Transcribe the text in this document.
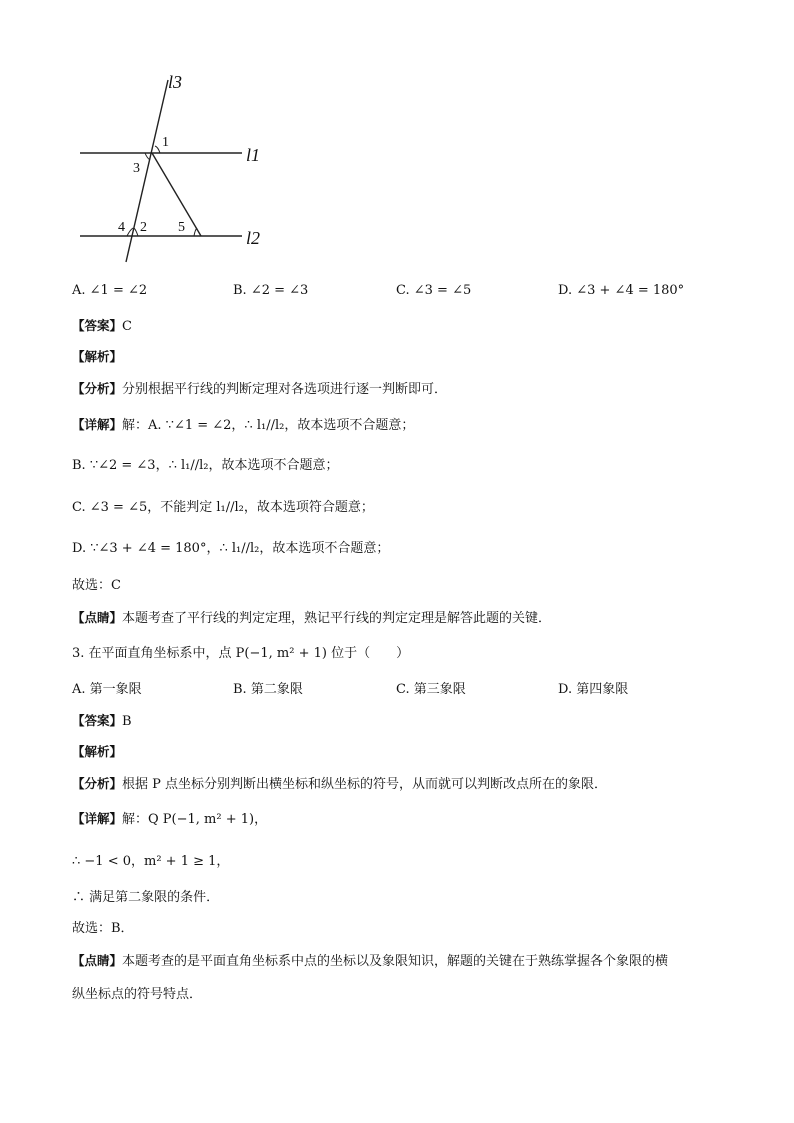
l3
l1
l2
1
3
4 2 5
A. ∠1 = ∠2	B. ∠2 = ∠3	C. ∠3 = ∠5	D. ∠3 + ∠4 = 180°
【答案】C
【解析】
【分析】分别根据平行线的判断定理对各选项进行逐一判断即可．
【详解】解：A. ∵∠1 = ∠2，∴ l₁//l₂，故本选项不合题意；
B. ∵∠2 = ∠3，∴ l₁//l₂，故本选项不合题意；
C. ∠3 = ∠5，不能判定 l₁//l₂，故本选项符合题意；
D. ∵∠3 + ∠4 = 180°，∴ l₁//l₂，故本选项不合题意；
故选：C
【点睛】本题考查了平行线的判定定理，熟记平行线的判定定理是解答此题的关键．
3. 在平面直角坐标系中，点 P(−1, m² + 1) 位于（　　）
A. 第一象限	B. 第二象限	C. 第三象限	D. 第四象限
【答案】B
【解析】
【分析】根据 P 点坐标分别判断出横坐标和纵坐标的符号，从而就可以判断改点所在的象限．
【详解】解：Q P(−1, m² + 1)，
∴ −1 < 0，m² + 1 ≥ 1，
∴ 满足第二象限的条件．
故选：B．
【点睛】本题考查的是平面直角坐标系中点的坐标以及象限知识，解题的关键在于熟练掌握各个象限的横
纵坐标点的符号特点．
